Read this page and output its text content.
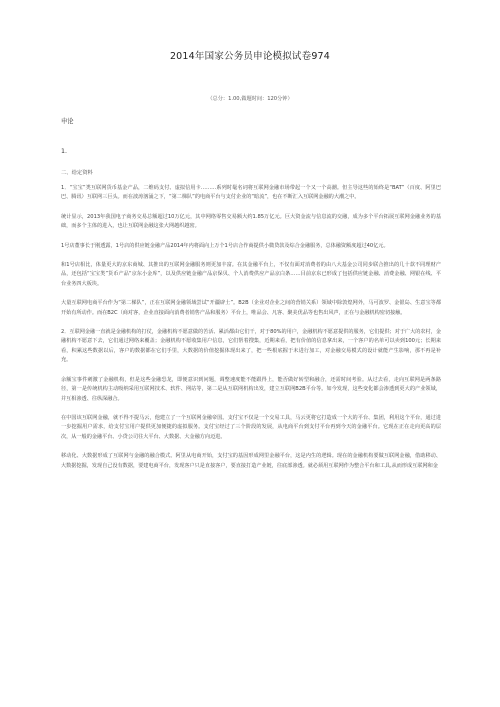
2014年国家公务员申论模拟试卷974
（总分：1.00,做题时间：120分钟）
申论
1.
二、给定资料

1．“宝宝”类互联网货币基金产品，二维码支付、虚拟信用卡………系列时髦名词将互联网金融市场带起一个又一个高潮。但主导这些的始终是“BAT”（百度、阿里巴巴、腾讯）互联网三巨头。而在波涛汹涌之下，“第二梯队”的电商平台与支付企业的“暗流”，也在不断汇入互联网金融的大潮之中。

统计显示，2013年我国电子商务交易总额超过10万亿元，其中网络零售交易额大约1.85万亿元。巨大资金流与信息流的交融，成为多个平台拓展互联网金融业务的基础，而多个主体的进入，也让互联网金融这张大网越织越密。

1号店董事长于刚透露，1号店的供应链金融产品2014年内将面向上万个1号店合作商提供小微贷款及综合金融服务，总体融资额度超过40亿元。

和1号店相比，体量更大的京东商城、其推出的互联网金融服务则更加丰富。在其金融平台上，不仅有面对消费者的由八大基金公司同步联合推出的几十款不同理财产品，还包括“宝宝类”货币产品“京东小金库”，以及供应链金融产品京保贝、个人消费供应产品京白条……目前京东已形成了包括供应链金融、消费金融、网银在线、平台业务四大板块。

大量互联网电商平台作为“第二梯队”，正在互联网金融领域尝试“开疆辟土”。B2B（企业对企业之间的营销关系）领域中除敦煌网外，马可波罗、金银岛、生意宝等都开始有所动作。而在B2C（商对客，企业直接面向消费者销售产品和服务）平台上，唯品会、凡客、聚美优品等也售出风声，正在与金融机构密切接触。

2．互联网金融一直就是金融机构的打仗，金融机构不愿意做的苦活、累活都由它们干，对于80%的用户，金融机构不愿意提供的服务，它们提供；对于广大的农村，金融机构不愿意下去，它们通过网络来覆盖；金融机构不愿收集用户信息，它们帮着搜集，近期来看，把有价值的信息拿出来，一个客户的名单可以卖到100元；长期来看，积累这些数据以后，客户的数据都在它们手里，大数据的价值挖掘体现出来了，把一些根底握于未进行加工，对金融交易模式的设计就能产生影响，那不再是补充。

余额宝事件刺激了金融机构，但是这些金融恐龙，即便意识到问题，调整速度能不能跟得上，能否做好转型和融合，还需时间考验。从过去看，走向互联网是两条路径，第一是传统机构主动吸纳采用互联网技术、软件、网站等，第二是从互联网机构出发，建立互联网B2B平台等。如今发现，这些变化都会渗透到更大的产业领域，并互相渗透、往纵深融合。

在中国该互联网金融，就不得不提马云，他建立了一个互联网金融帝国。支付宝不仅是一个交易工具，马云更将它打造成一个大的平台、集团，利用这个平台，通过进一步挖掘用户需求，给支付宝用户提供更加便捷的虚拟服务。支付宝经过了三个阶段的发展，从电商平台到支付平台再到今天的金融平台。它现在正在走向更高的层次，从一般的金融平台、小贷公司往大平台、大数据、大金融方向迈进。

移动化、大数据形成了互联网与金融的融合模式。阿里从电商开始，支付宝的基因形成网里金融平台，这是内生的逻辑。现在的金融机构要做互联网金融，借助移动、大数据挖掘，发现自己没有数据，要建电商平台，发现客户只是直接客户，要直接打造产业链，往底部渗透。就必须用互联网作为整合平台和工具,从而形成互联网和金
